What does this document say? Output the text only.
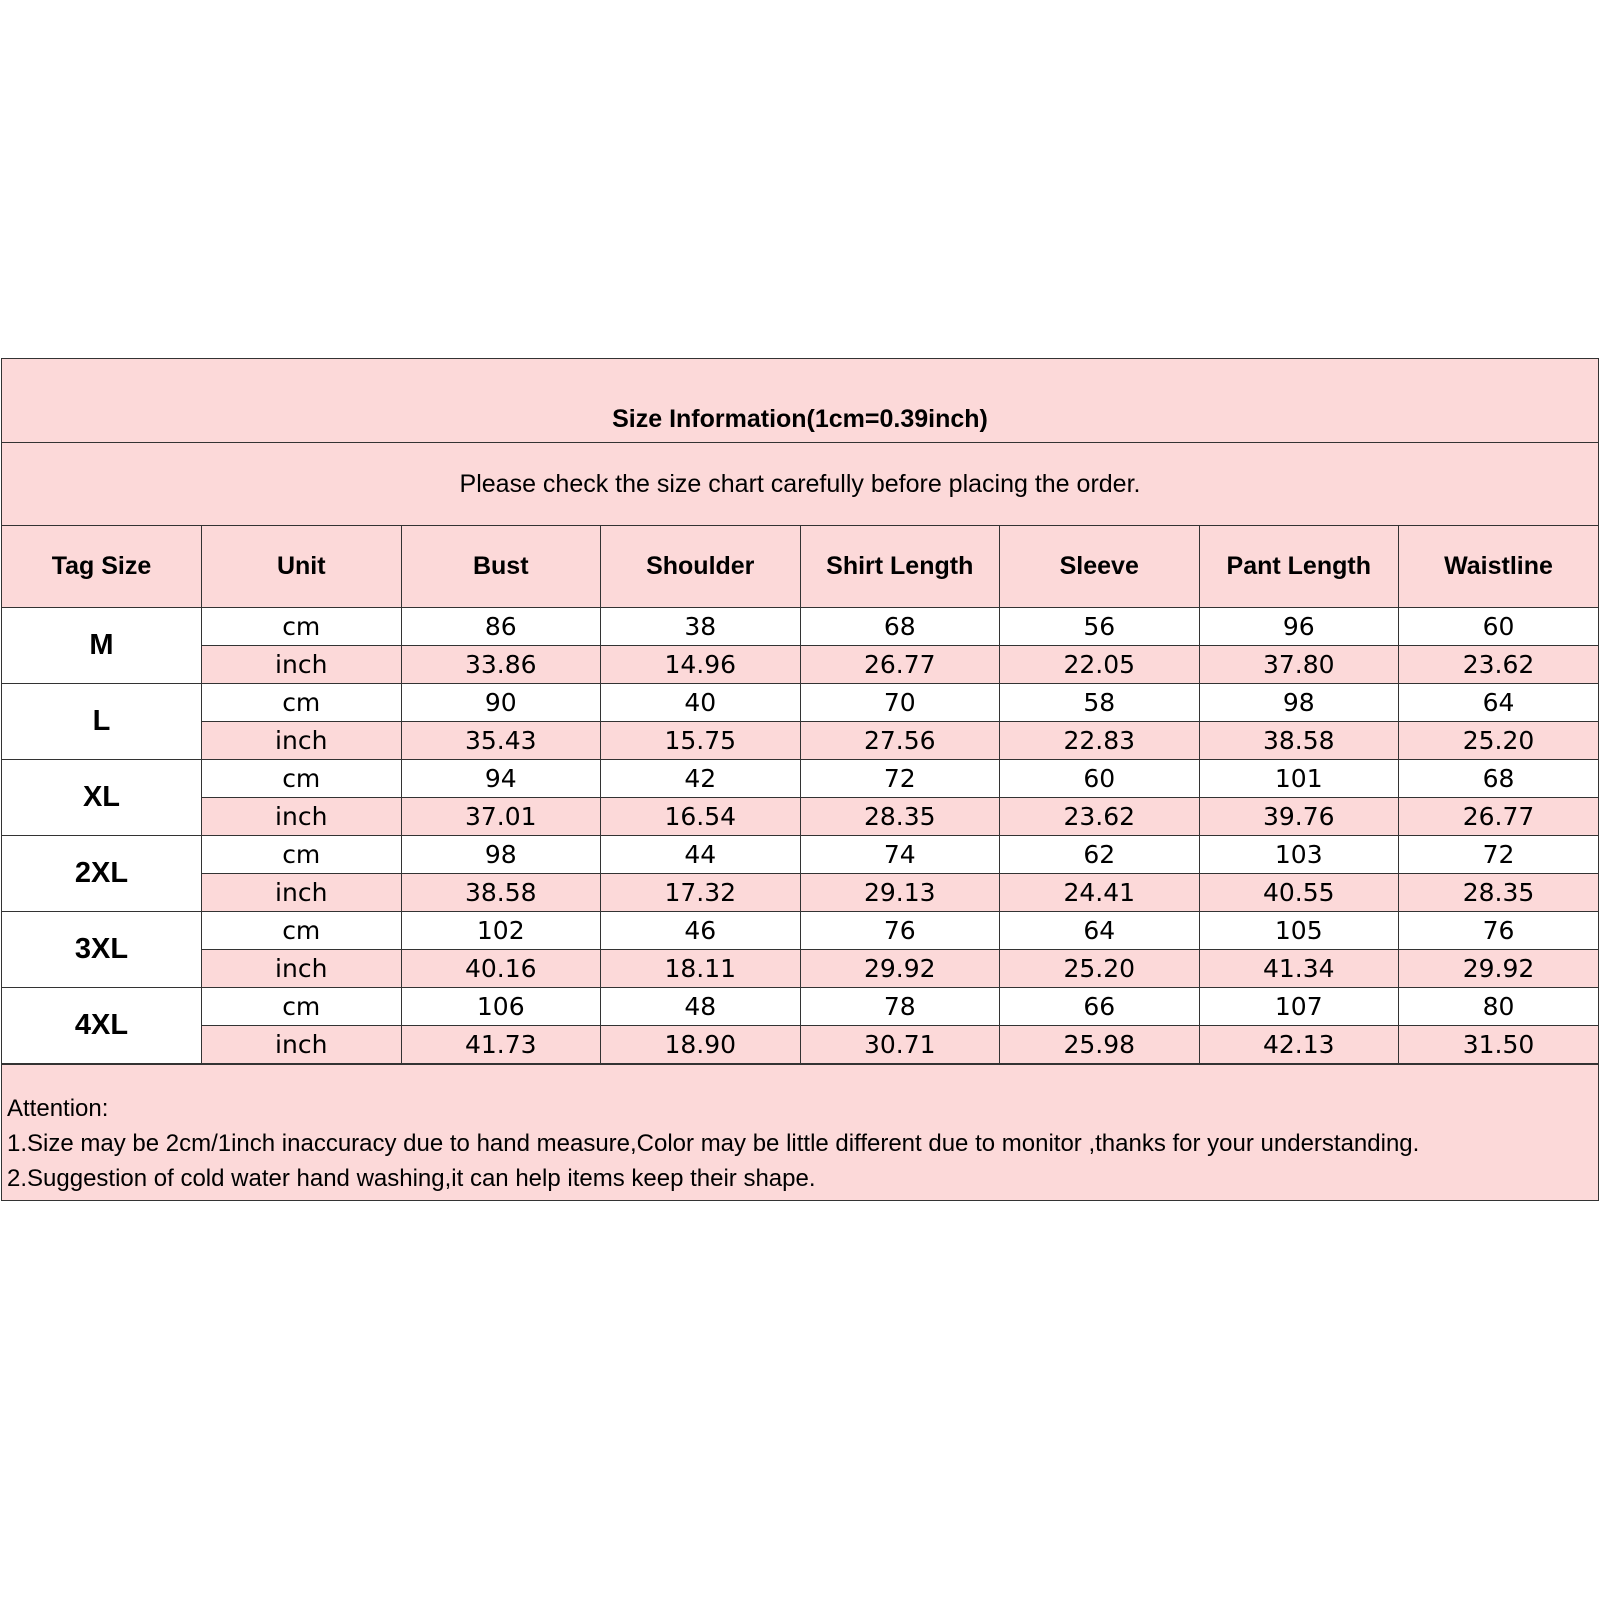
Size Information(1cm=0.39inch)
Please check the size chart carefully before placing the order.
Tag Size	Unit	Bust	Shoulder	Shirt Length	Sleeve	Pant Length	Waistline
M	cm	86	38	68	56	96	60
	inch	33.86	14.96	26.77	22.05	37.80	23.62
L	cm	90	40	70	58	98	64
	inch	35.43	15.75	27.56	22.83	38.58	25.20
XL	cm	94	42	72	60	101	68
	inch	37.01	16.54	28.35	23.62	39.76	26.77
2XL	cm	98	44	74	62	103	72
	inch	38.58	17.32	29.13	24.41	40.55	28.35
3XL	cm	102	46	76	64	105	76
	inch	40.16	18.11	29.92	25.20	41.34	29.92
4XL	cm	106	48	78	66	107	80
	inch	41.73	18.90	30.71	25.98	42.13	31.50
Attention:
1.Size may be 2cm/1inch inaccuracy due to hand measure,Color may be little different due to monitor ,thanks for your understanding.
2.Suggestion of cold water hand washing,it can help items keep their shape.
